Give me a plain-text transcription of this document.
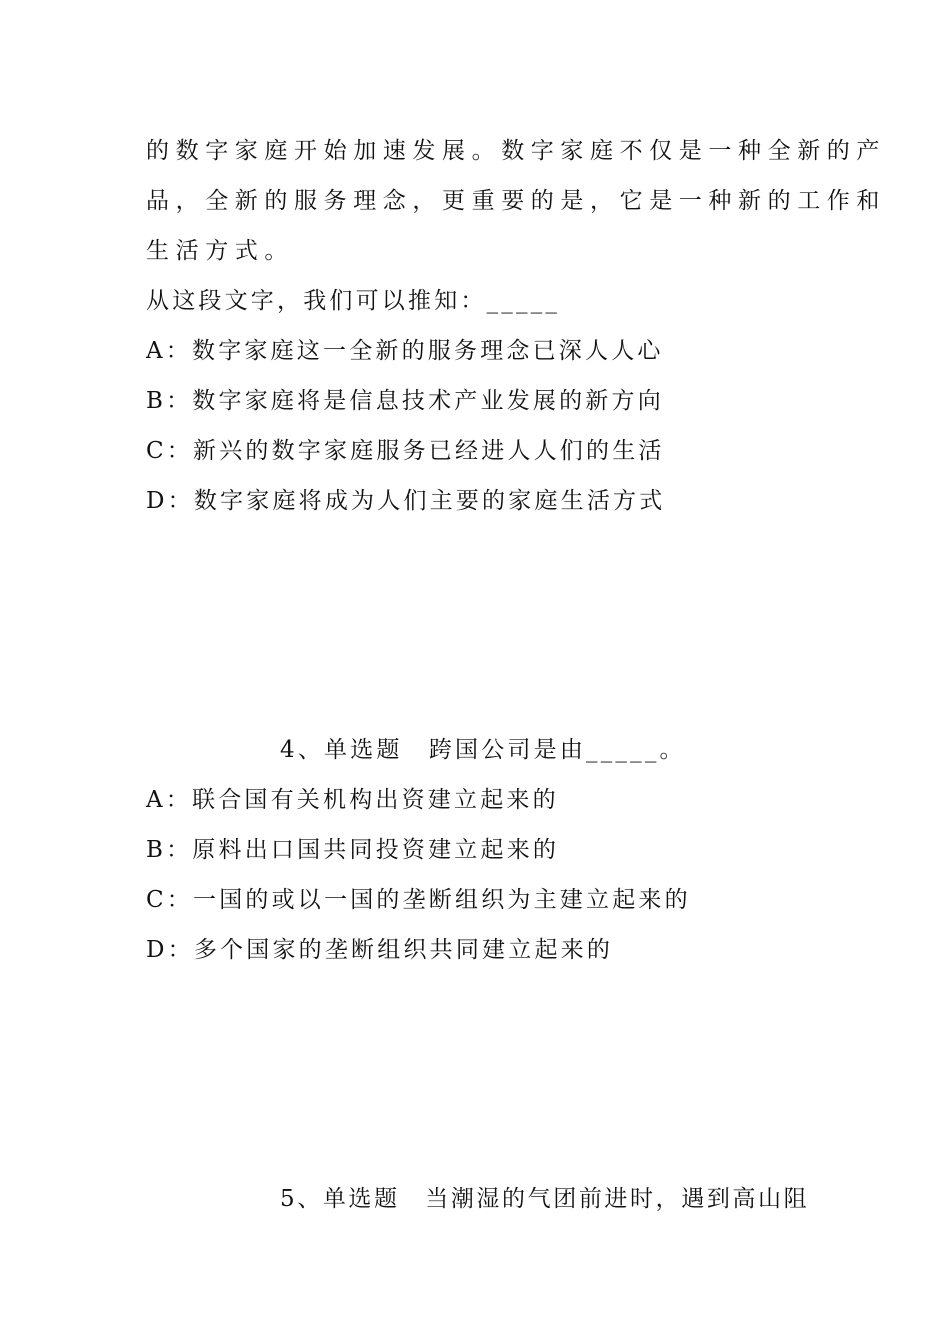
的数字家庭开始加速发展。数字家庭不仅是一种全新的产
品，全新的服务理念，更重要的是，它是一种新的工作和
生活方式。
从这段文字，我们可以推知：_____
A：数字家庭这一全新的服务理念已深人人心
B：数字家庭将是信息技术产业发展的新方向
C：新兴的数字家庭服务已经进人人们的生活
D：数字家庭将成为人们主要的家庭生活方式
4、单选题　跨国公司是由_____。
A：联合国有关机构出资建立起来的
B：原料出口国共同投资建立起来的
C：一国的或以一国的垄断组织为主建立起来的
D：多个国家的垄断组织共同建立起来的
5、单选题　当潮湿的气团前进时，遇到高山阻
